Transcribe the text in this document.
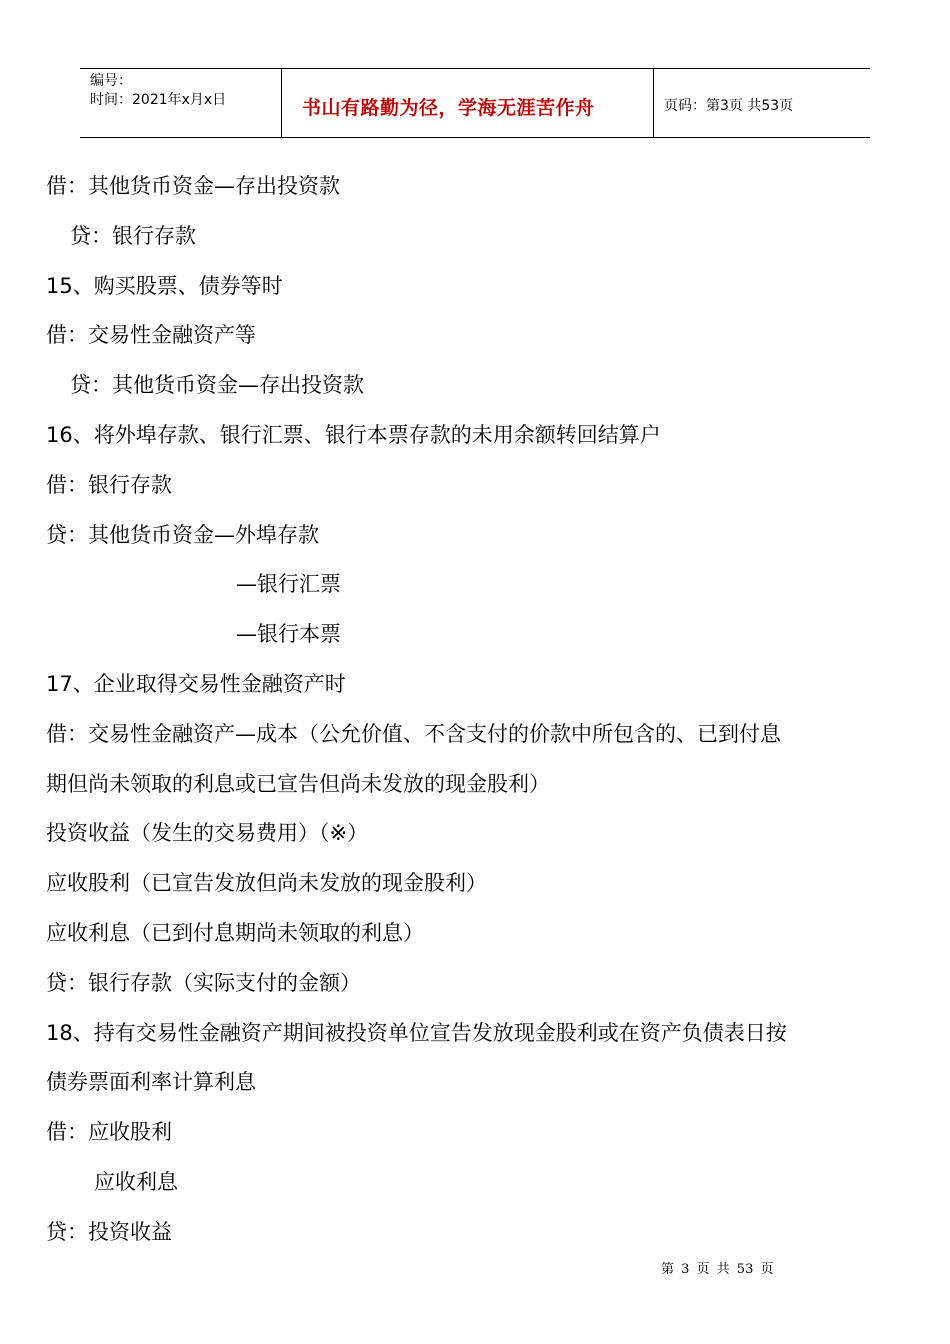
编号：
时间：2021年x月x日	书山有路勤为径，学海无涯苦作舟	页码：第3页 共53页
借：其他货币资金—存出投资款
贷：银行存款
15、购买股票、债券等时
借：交易性金融资产等
贷：其他货币资金—存出投资款
16、将外埠存款、银行汇票、银行本票存款的未用余额转回结算户
借：银行存款
贷：其他货币资金—外埠存款
—银行汇票
—银行本票
17、企业取得交易性金融资产时
借：交易性金融资产—成本（公允价值、不含支付的价款中所包含的、已到付息
期但尚未领取的利息或已宣告但尚未发放的现金股利）
投资收益（发生的交易费用）（※）
应收股利（已宣告发放但尚未发放的现金股利）
应收利息（已到付息期尚未领取的利息）
贷：银行存款（实际支付的金额）
18、持有交易性金融资产期间被投资单位宣告发放现金股利或在资产负债表日按
债券票面利率计算利息
借：应收股利
应收利息
贷：投资收益
第 3 页 共 53 页
